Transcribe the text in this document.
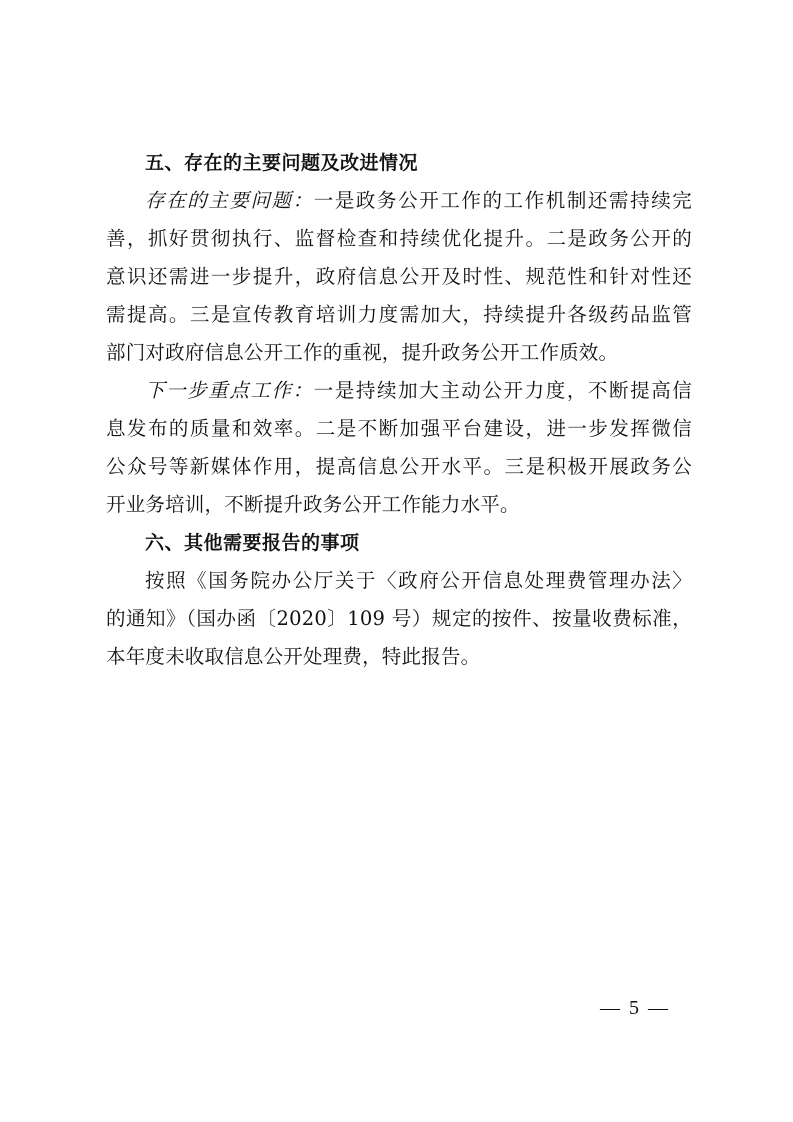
五、存在的主要问题及改进情况

存在的主要问题：一是政务公开工作的工作机制还需持续完
善，抓好贯彻执行、监督检查和持续优化提升。二是政务公开的
意识还需进一步提升，政府信息公开及时性、规范性和针对性还
需提高。三是宣传教育培训力度需加大，持续提升各级药品监管
部门对政府信息公开工作的重视，提升政务公开工作质效。

下一步重点工作：一是持续加大主动公开力度，不断提高信
息发布的质量和效率。二是不断加强平台建设，进一步发挥微信
公众号等新媒体作用，提高信息公开水平。三是积极开展政务公
开业务培训，不断提升政务公开工作能力水平。

六、其他需要报告的事项

按照《国务院办公厅关于〈政府公开信息处理费管理办法〉
的通知》（国办函〔2020〕109 号）规定的按件、按量收费标准，
本年度未收取信息公开处理费，特此报告。

— 5 —
